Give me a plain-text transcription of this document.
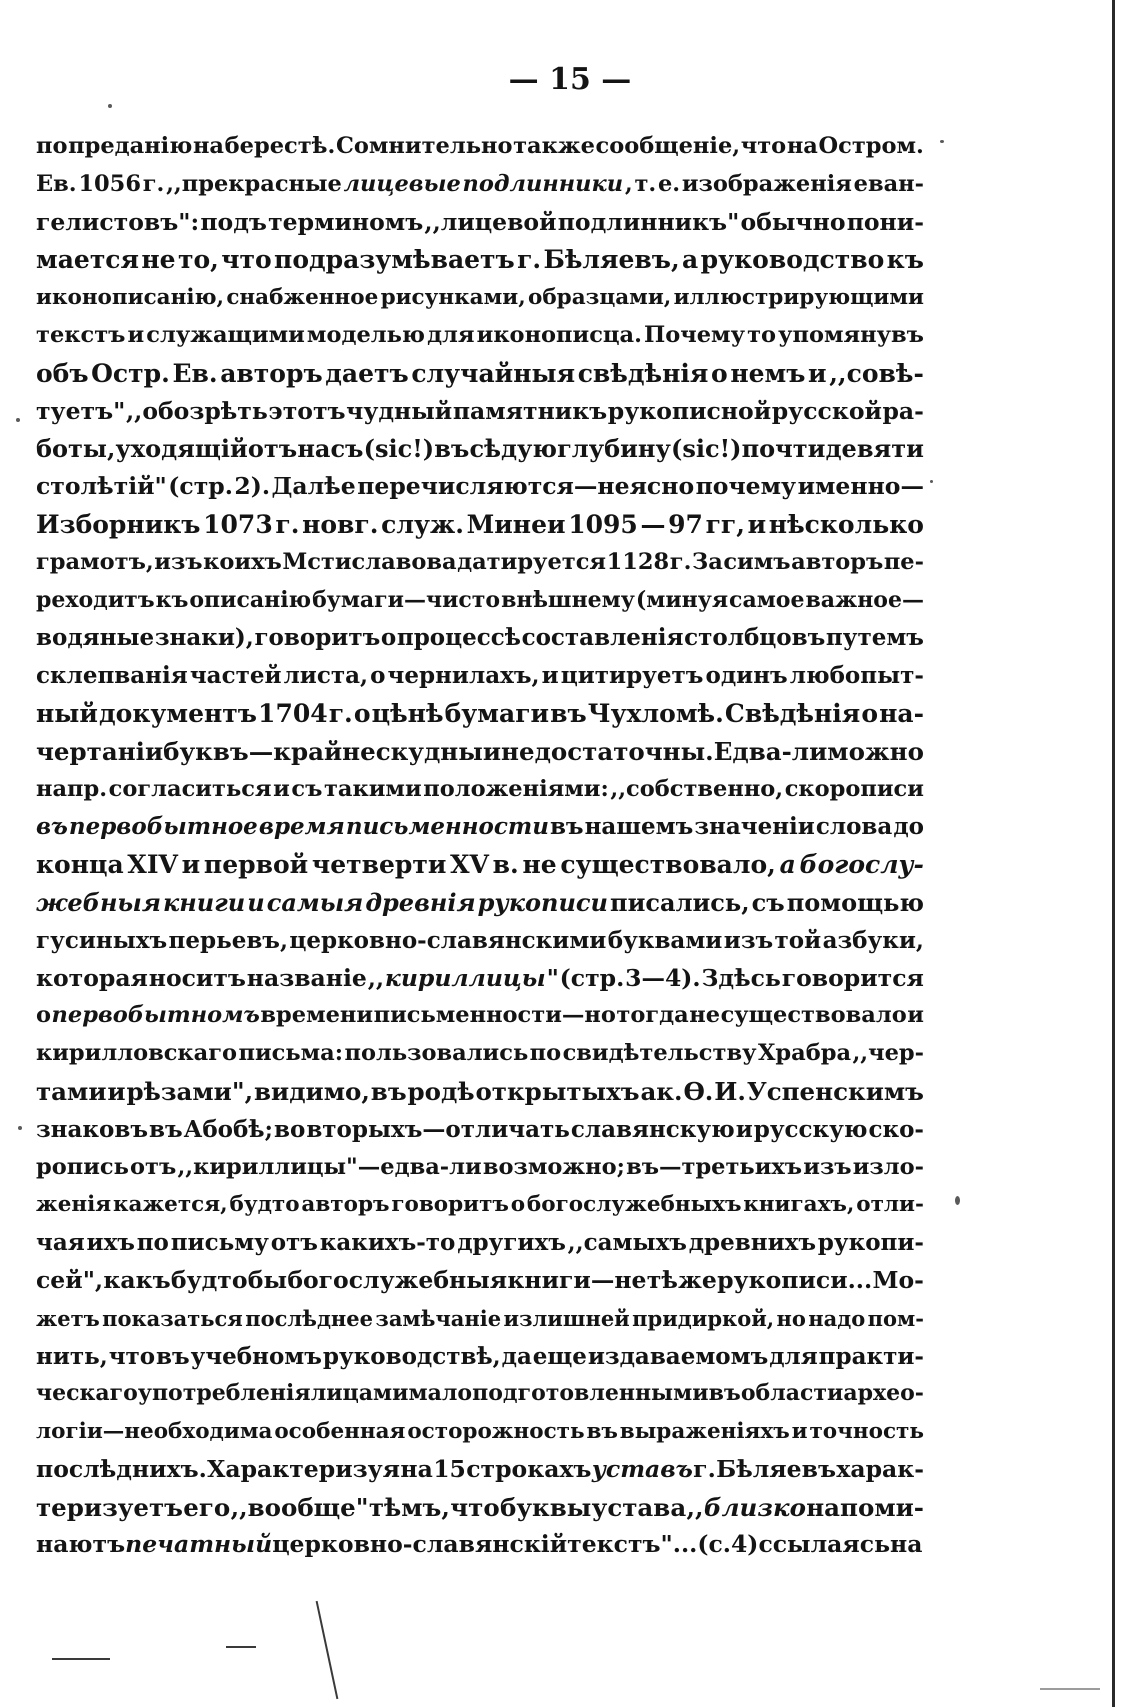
— 15 —
по преданію на берестѣ. Сомнительно также сообщеніе, что на Остром.
Ев. 1056 г. ,,прекрасные лицевые подлинники , т. е. изображенія еван-
гелистовъ": подъ терминомъ ,,лицевой подлинникъ" обычно пони-
мается не то, что подразумѣваетъ г. Бѣляевъ, а руководство къ
иконописанію, снабженное рисунками, образцами, иллюстрирующими
текстъ и служащими моделью для иконописца. Почему то упомянувъ
объ Остр. Ев. авторъ даетъ случайныя свѣдѣнія о немъ и ,,совѣ-
туетъ" ,,обозрѣть этотъ чудный памятникъ рукописной русской ра-
боты, уходящій отъ насъ (sic!) въ сѣдую глубину (sic!) почти девяти
столѣтій" (стр. 2). Далѣе перечисляются—неясно почему именно—
Изборникъ 1073 г. новг. служ. Минеи 1095 — 97 гг, и нѣсколько
грамотъ, изъ коихъ Мстиславова датируется 1128 г. За симъ авторъ пе-
реходитъ къ описанію бумаги—чисто внѣшнему (минуя самое важное—
водяные знаки), говоритъ о процессѣ составленія столбцовъ путемъ
склепванія частей листа, о чернилахъ, и цитируетъ одинъ любопыт-
ный документъ 1704 г. о цѣнѣ бумаги въ Чухломѣ. Свѣдѣнія о на-
чертаніи буквъ — крайне скудны и недостаточны. Едва-ли можно
напр. согласиться и съ такими положеніями: ,,собственно, скорописи
въ первобытное время письменности въ нашемъ значеніи слова до
конца XIV и первой четверти XV в. не существовало, а богослу-
жебныя книги и самыя древнія рукописи писались, съ помощью
гусиныхъ перьевъ, церковно-славянскими буквами изъ той азбуки,
которая носитъ названіе ,, кириллицы " (стр. 3—4). Здѣсь говорится
о первобытномъ времени письменности—но тогда не существовало и
кирилловскаго письма: пользовались по свидѣтельству Храбра ,,чер-
тами и рѣзами", видимо, въ родѣ открытыхъ ак. Ѳ. И. Успенскимъ
знаковъ въ Абобѣ; во вторыхъ—отличать славянскую и русскую ско-
ропись отъ ,,кириллицы"—едва-ли возможно; въ—третьихъ изъ изло-
женія кажется, будто авторъ говоритъ о богослужебныхъ книгахъ, отли-
чая ихъ по письму отъ какихъ-то другихъ ,,самыхъ древнихъ рукопи-
сей", какъ будто бы богослужебныя книги—не тѣ же рукописи... Мо-
жетъ показаться послѣднее замѣчаніе излишней придиркой, но надо пом-
нить, что въ учебномъ руководствѣ, да еще издаваемомъ для практи-
ческаго употребленія лицами мало подготовленными въ области археo-
логіи—необходима особенная осторожность въ выраженіяхъ и точность
послѣднихъ. Характеризуя на 15 строкахъ уставъ г. Бѣляевъ харак-
теризуетъ его ,,вообще" тѣмъ, что буквы устава ,, близко напоми-
наютъ печатный церковно-славянскій текстъ"... (с. 4) ссылаясь на
